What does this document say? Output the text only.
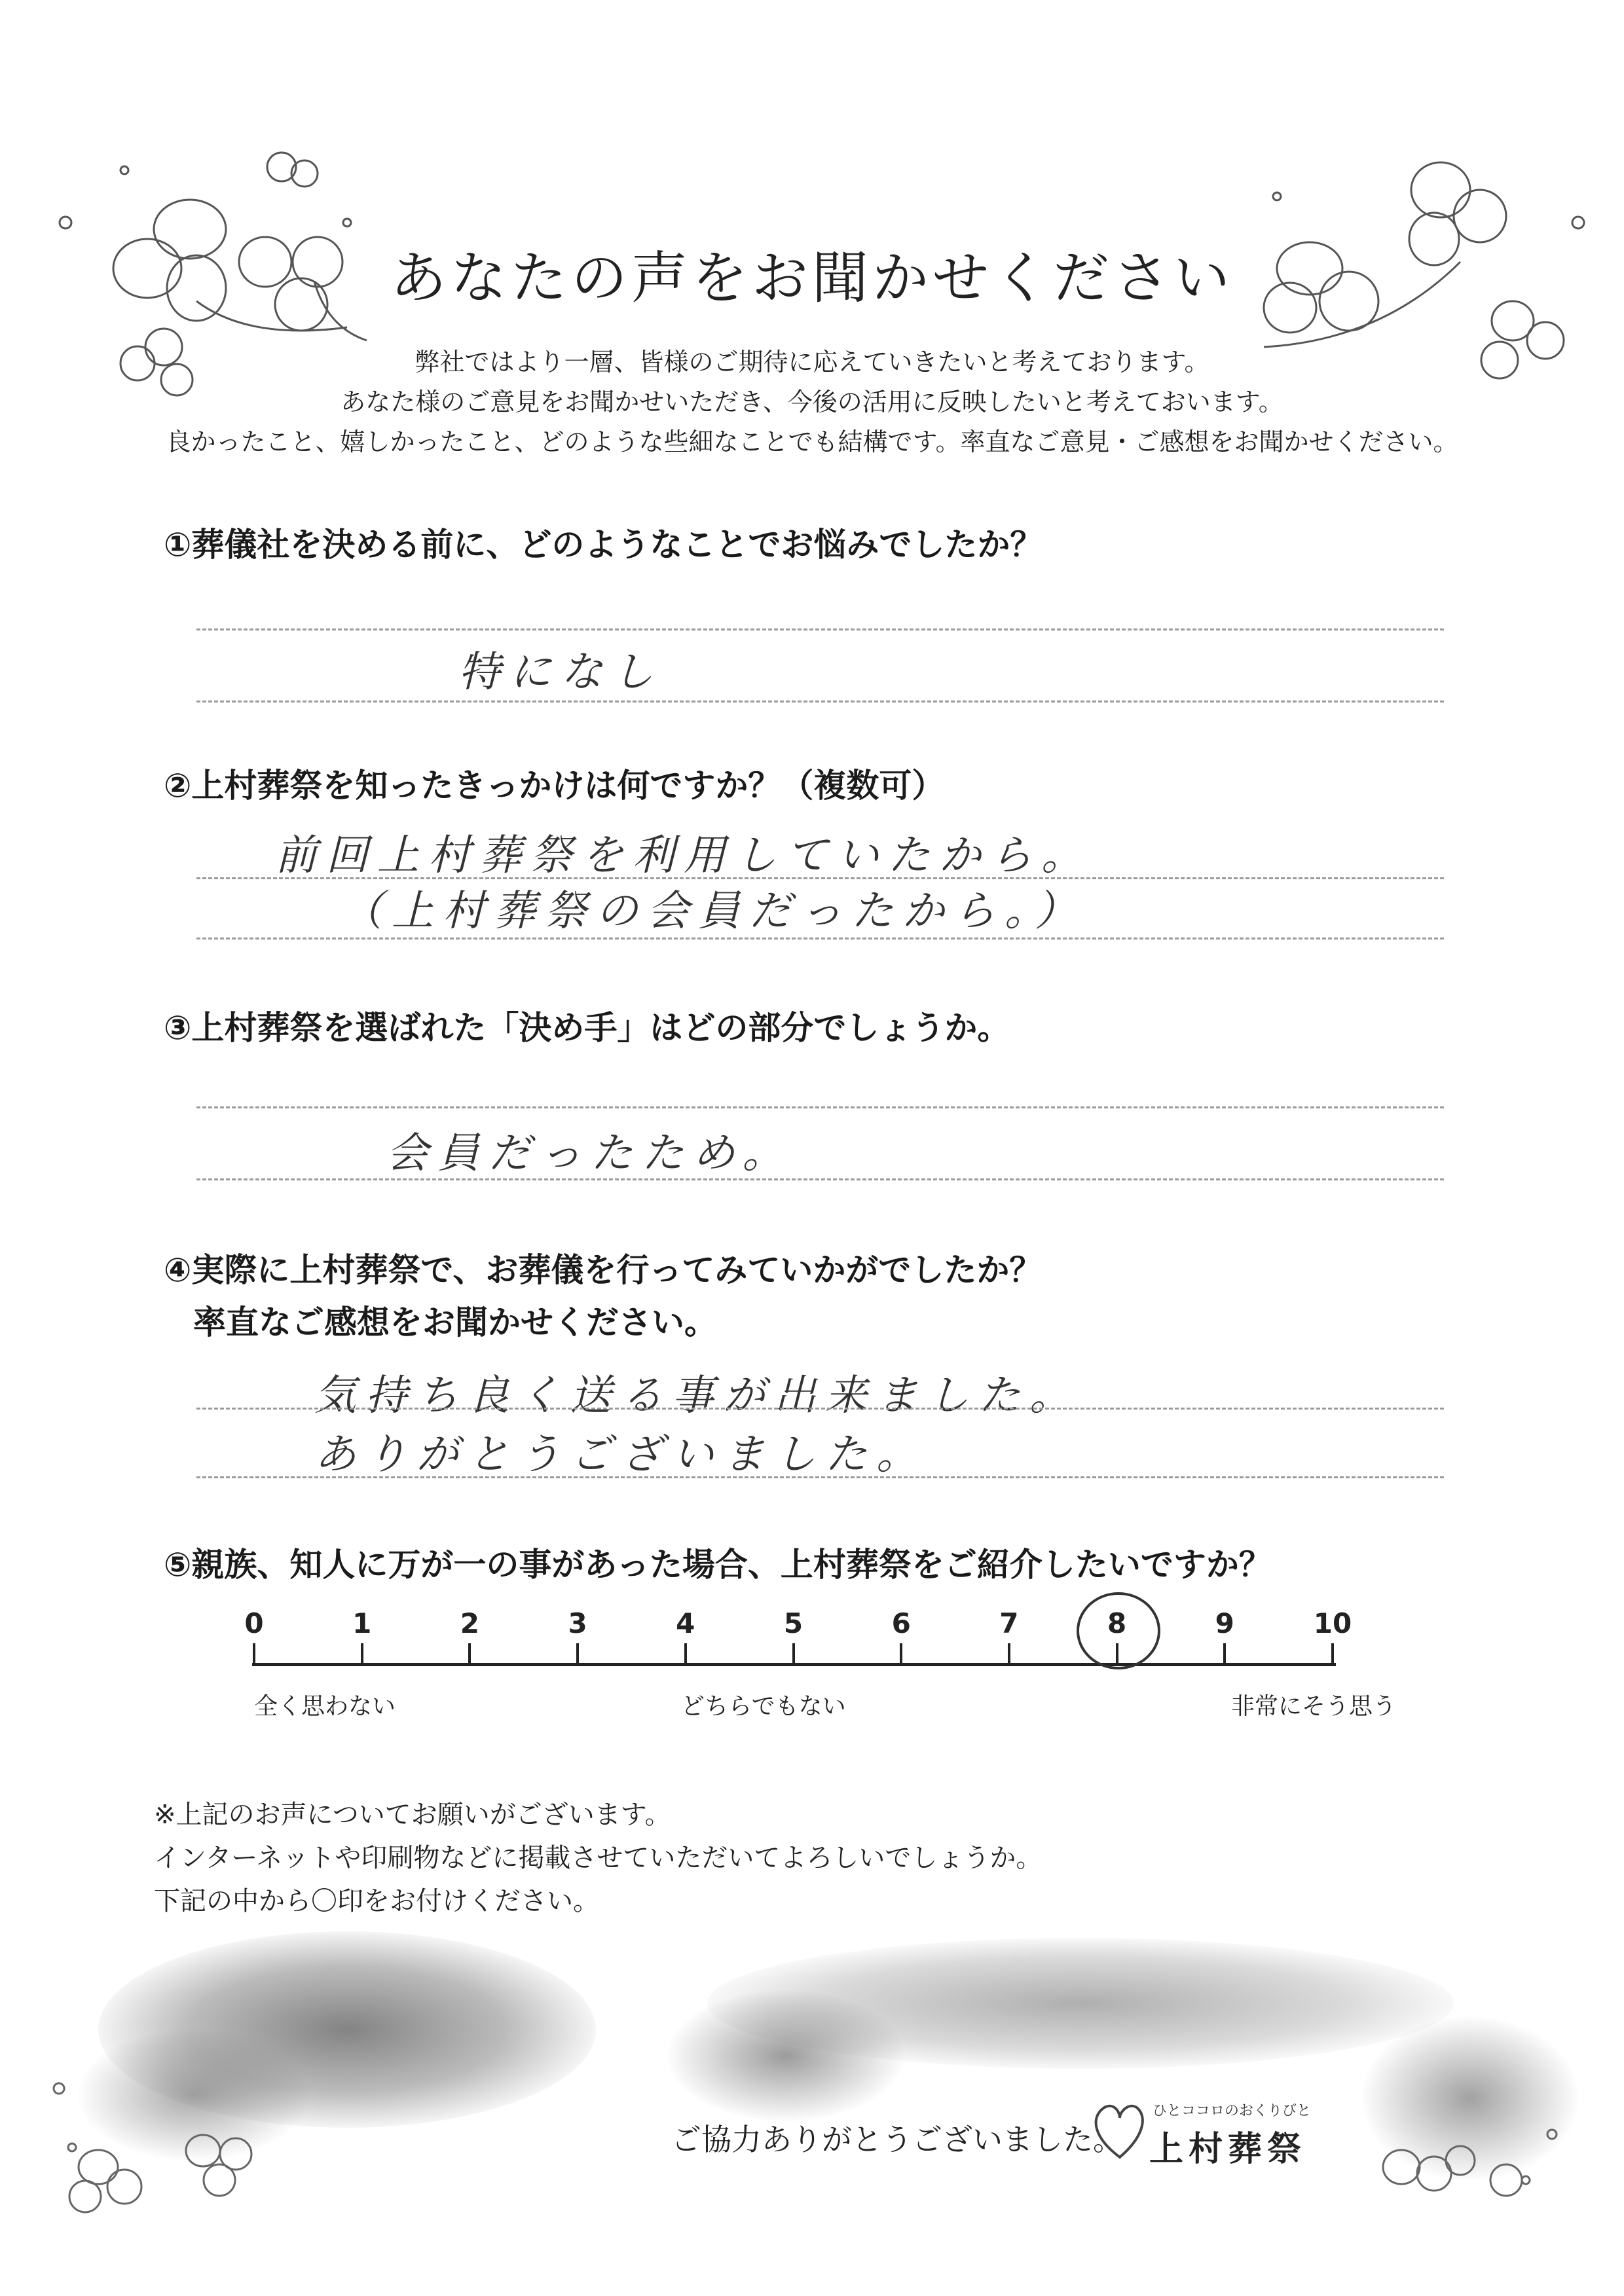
あなたの声をお聞かせください
弊社ではより一層、皆様のご期待に応えていきたいと考えております。
あなた様のご意見をお聞かせいただき、今後の活用に反映したいと考えておいます。
良かったこと、嬉しかったこと、どのような些細なことでも結構です。率直なご意見・ご感想をお聞かせください。
①葬儀社を決める前に、どのようなことでお悩みでしたか？
特になし
②上村葬祭を知ったきっかけは何ですか？（複数可）
前回上村葬祭を利用していたから。
（上村葬祭の会員だったから。）
③上村葬祭を選ばれた「決め手」はどの部分でしょうか。
会員だったため。
④実際に上村葬祭で、お葬儀を行ってみていかがでしたか？
率直なご感想をお聞かせください。
気持ち良く送る事が出来ました。
ありがとうございました。
⑤親族、知人に万が一の事があった場合、上村葬祭をご紹介したいですか？
0	1	2	3	4	5	6	7	8	9	10
全く思わない	どちらでもない	非常にそう思う
※上記のお声についてお願いがございます。
インターネットや印刷物などに掲載させていただいてよろしいでしょうか。
下記の中から〇印をお付けください。
ご協力ありがとうございました。
ひとココロのおくりびと
上村葬祭
